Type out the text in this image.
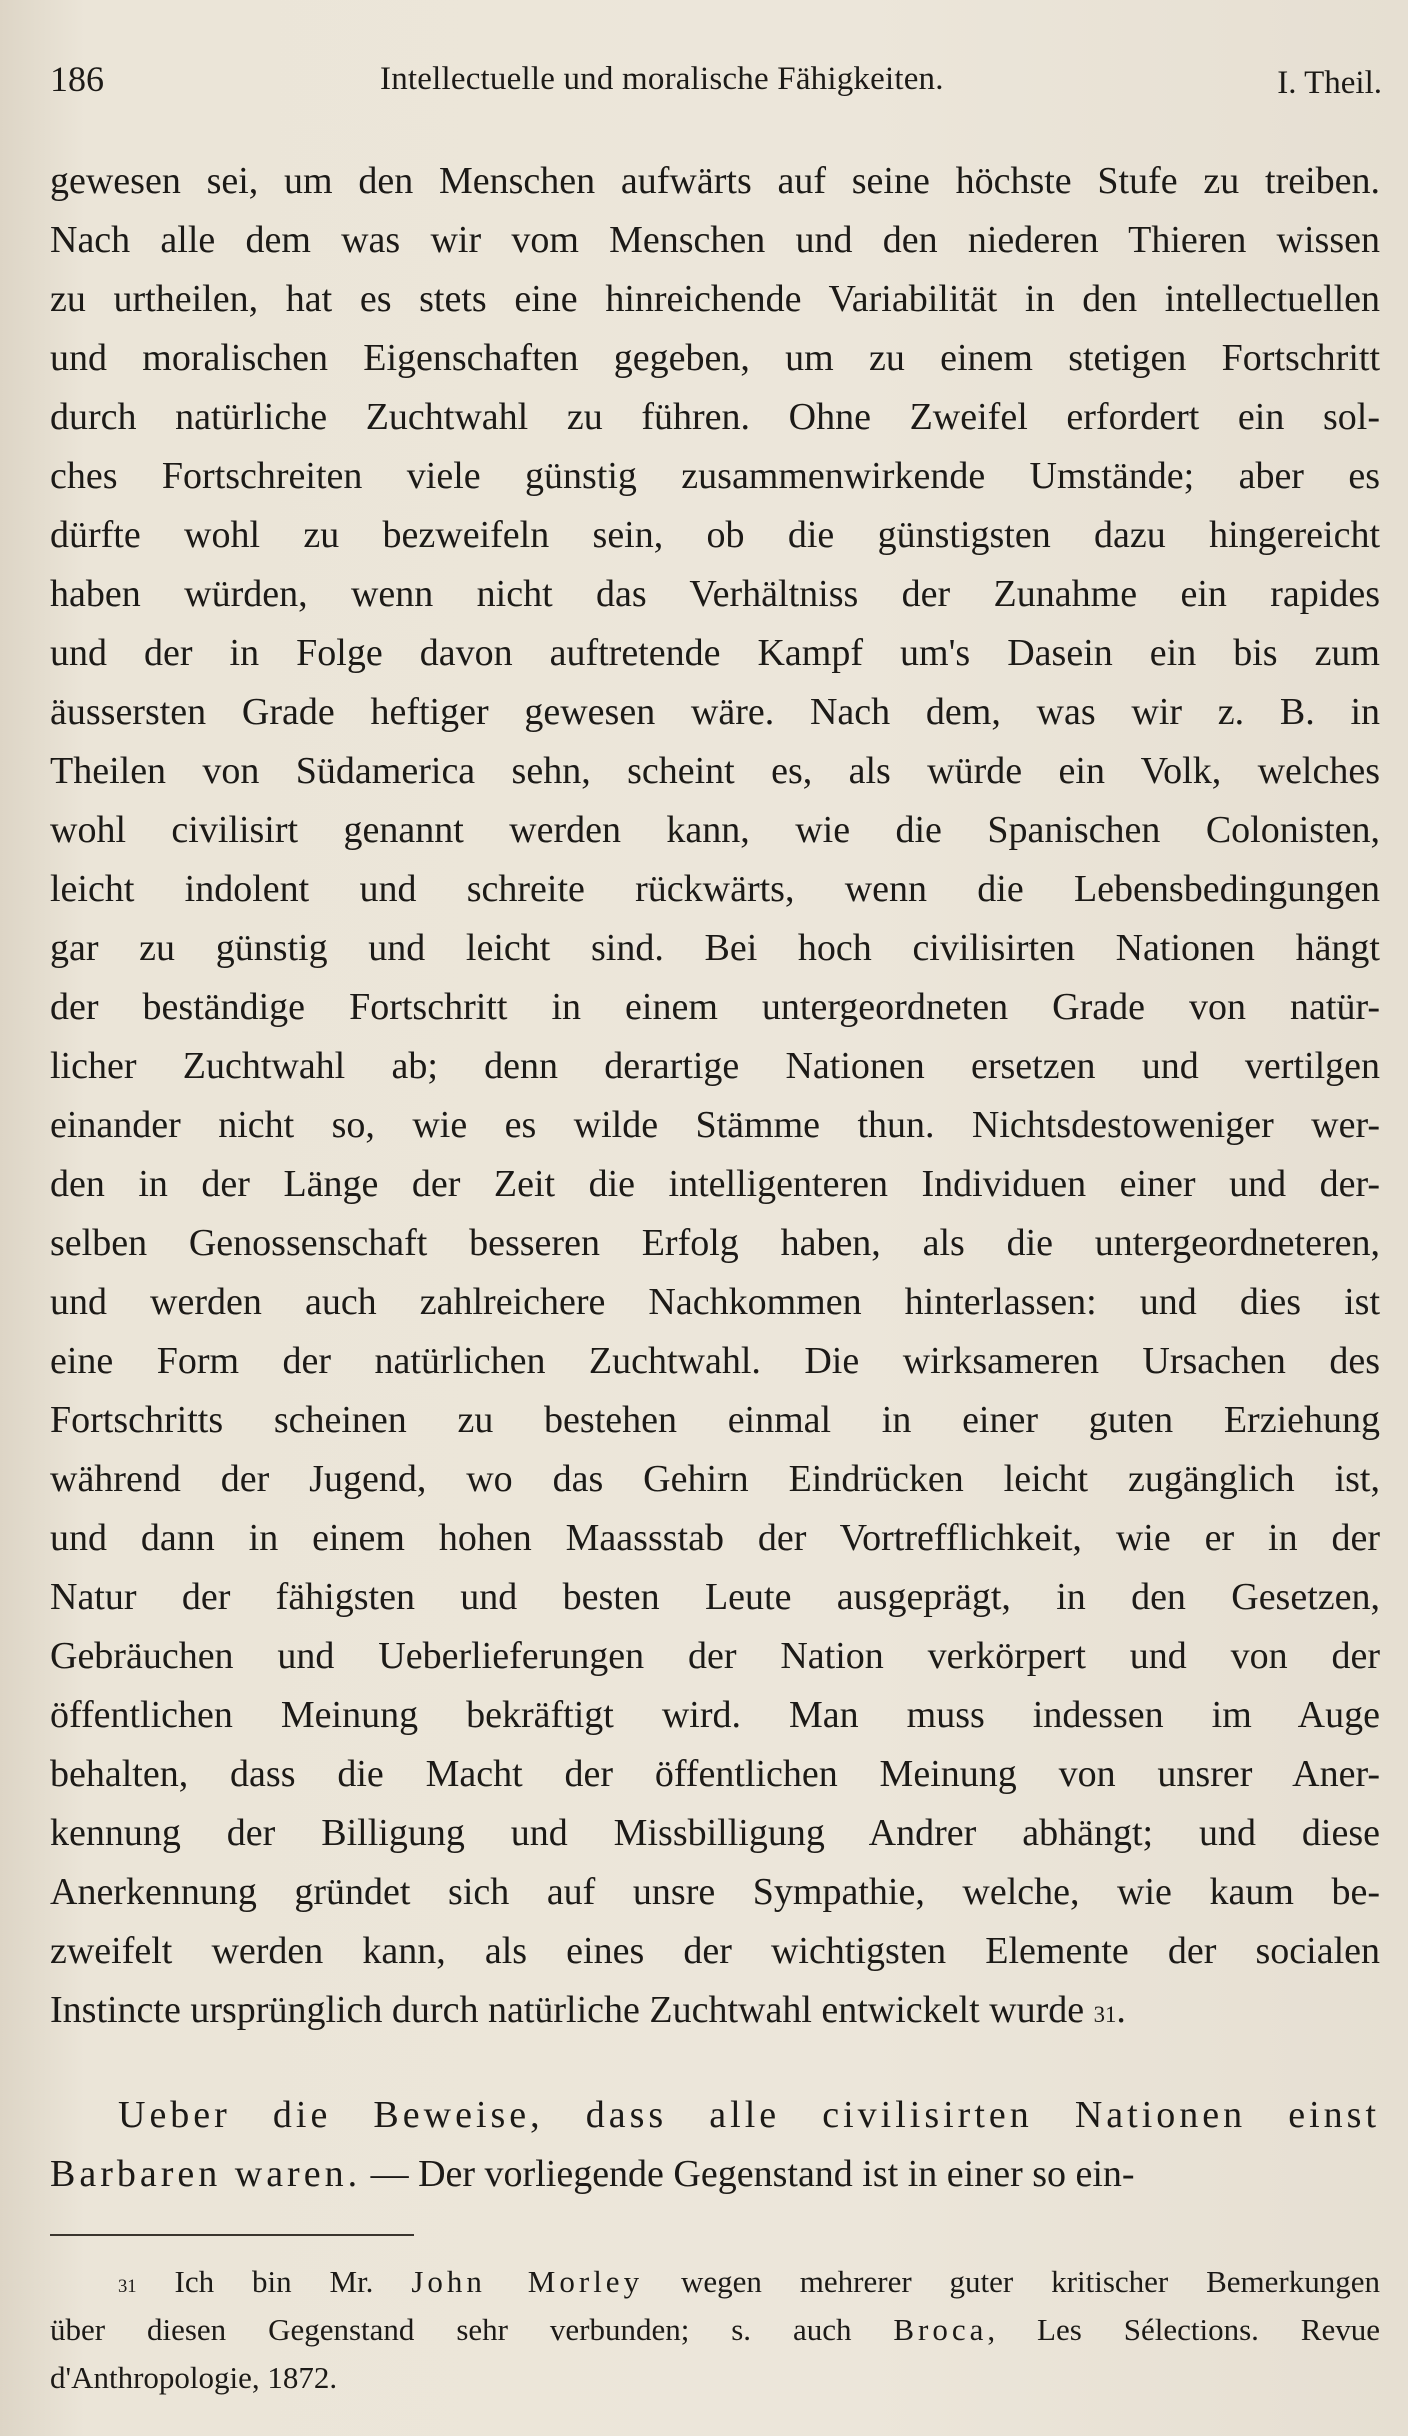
186	Intellectuelle und moralische Fähigkeiten.	I. Theil.
gewesen sei, um den Menschen aufwärts auf seine höchste Stufe zu treiben.
Nach alle dem was wir vom Menschen und den niederen Thieren wissen
zu urtheilen, hat es stets eine hinreichende Variabilität in den intellectuellen
und moralischen Eigenschaften gegeben, um zu einem stetigen Fortschritt
durch natürliche Zuchtwahl zu führen. Ohne Zweifel erfordert ein sol-
ches Fortschreiten viele günstig zusammenwirkende Umstände; aber es
dürfte wohl zu bezweifeln sein, ob die günstigsten dazu hingereicht
haben würden, wenn nicht das Verhältniss der Zunahme ein rapides
und der in Folge davon auftretende Kampf um's Dasein ein bis zum
äussersten Grade heftiger gewesen wäre. Nach dem, was wir z. B. in
Theilen von Südamerica sehn, scheint es, als würde ein Volk, welches
wohl civilisirt genannt werden kann, wie die Spanischen Colonisten,
leicht indolent und schreite rückwärts, wenn die Lebensbedingungen
gar zu günstig und leicht sind. Bei hoch civilisirten Nationen hängt
der beständige Fortschritt in einem untergeordneten Grade von natür-
licher Zuchtwahl ab; denn derartige Nationen ersetzen und vertilgen
einander nicht so, wie es wilde Stämme thun. Nichtsdestoweniger wer-
den in der Länge der Zeit die intelligenteren Individuen einer und der-
selben Genossenschaft besseren Erfolg haben, als die untergeordneteren,
und werden auch zahlreichere Nachkommen hinterlassen: und dies ist
eine Form der natürlichen Zuchtwahl. Die wirksameren Ursachen des
Fortschritts scheinen zu bestehen einmal in einer guten Erziehung
während der Jugend, wo das Gehirn Eindrücken leicht zugänglich ist,
und dann in einem hohen Maassstab der Vortrefflichkeit, wie er in der
Natur der fähigsten und besten Leute ausgeprägt, in den Gesetzen,
Gebräuchen und Ueberlieferungen der Nation verkörpert und von der
öffentlichen Meinung bekräftigt wird. Man muss indessen im Auge
behalten, dass die Macht der öffentlichen Meinung von unsrer Aner-
kennung der Billigung und Missbilligung Andrer abhängt; und diese
Anerkennung gründet sich auf unsre Sympathie, welche, wie kaum be-
zweifelt werden kann, als eines der wichtigsten Elemente der socialen
Instincte ursprünglich durch natürliche Zuchtwahl entwickelt wurde $^{31}$.
Ueber die Beweise, dass alle civilisirten Nationen einst
Barbaren waren. — Der vorliegende Gegenstand ist in einer so ein-
$^{31}$ Ich bin Mr. John Morley wegen mehrerer guter kritischer Bemerkungen
über diesen Gegenstand sehr verbunden; s. auch Broca, Les Sélections. Revue
d'Anthropologie, 1872.
